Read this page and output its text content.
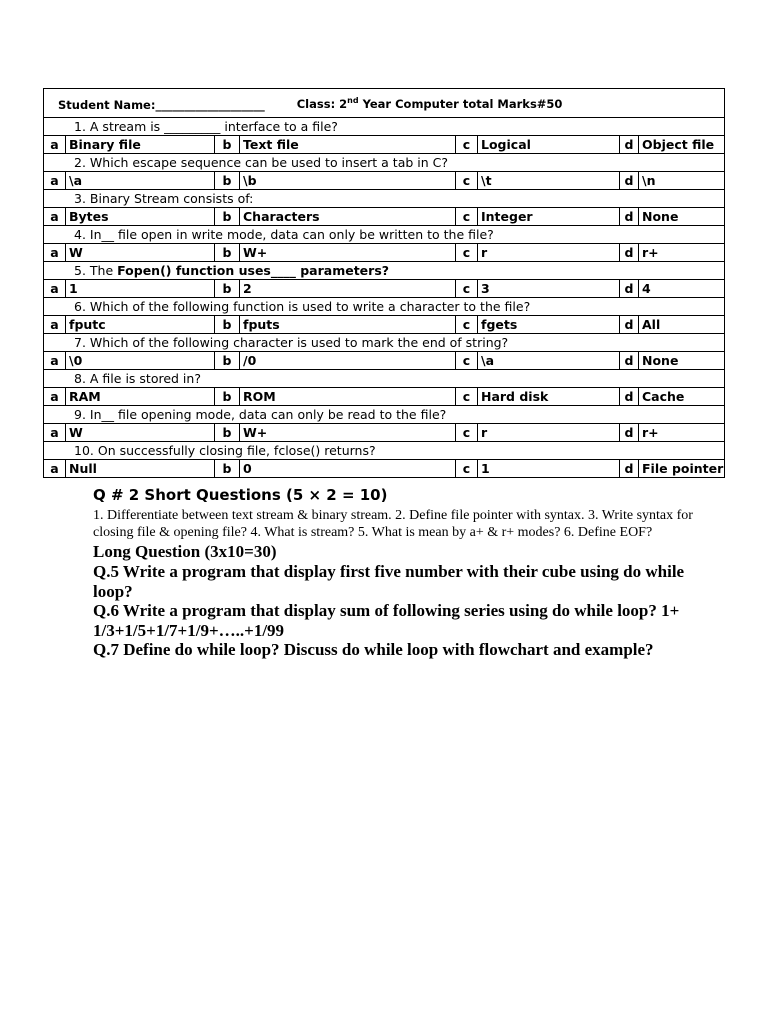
Student Name:___________________ Class: 2nd Year Computer total Marks#50							
1. A stream is _________ interface to a file?							
a	Binary file	b	Text file	c	Logical	d	Object file
2. Which escape sequence can be used to insert a tab in C?							
a	\a	b	\b	c	\t	d	\n
3. Binary Stream consists of:							
a	Bytes	b	Characters	c	Integer	d	None
4. In__ file open in write mode, data can only be written to the file?							
a	W	b	W+	c	r	d	r+
5. The Fopen() function uses____ parameters?							
a	1	b	2	c	3	d	4
6. Which of the following function is used to write a character to the file?							
a	fputc	b	fputs	c	fgets	d	All
7. Which of the following character is used to mark the end of string?							
a	\0	b	/0	c	\a	d	None
8. A file is stored in?							
a	RAM	b	ROM	c	Hard disk	d	Cache
9. In__ file opening mode, data can only be read to the file?							
a	W	b	W+	c	r	d	r+
10. On successfully closing file, fclose() returns?							
a	Null	b	0	c	1	d	File pointer

Q # 2 Short Questions (5 × 2 = 10)

1. Differentiate between text stream & binary stream. 2. Define file pointer with syntax. 3. Write syntax for closing file & opening file? 4. What is stream? 5. What is mean by a+ & r+ modes? 6. Define EOF?

Long Question (3x10=30)

Q.5 Write a program that display first five number with their cube using do while loop?

Q.6 Write a program that display sum of following series using do while loop? 1+ 1/3+1/5+1/7+1/9+…..+1/99

Q.7 Define do while loop? Discuss do while loop with flowchart and example?
